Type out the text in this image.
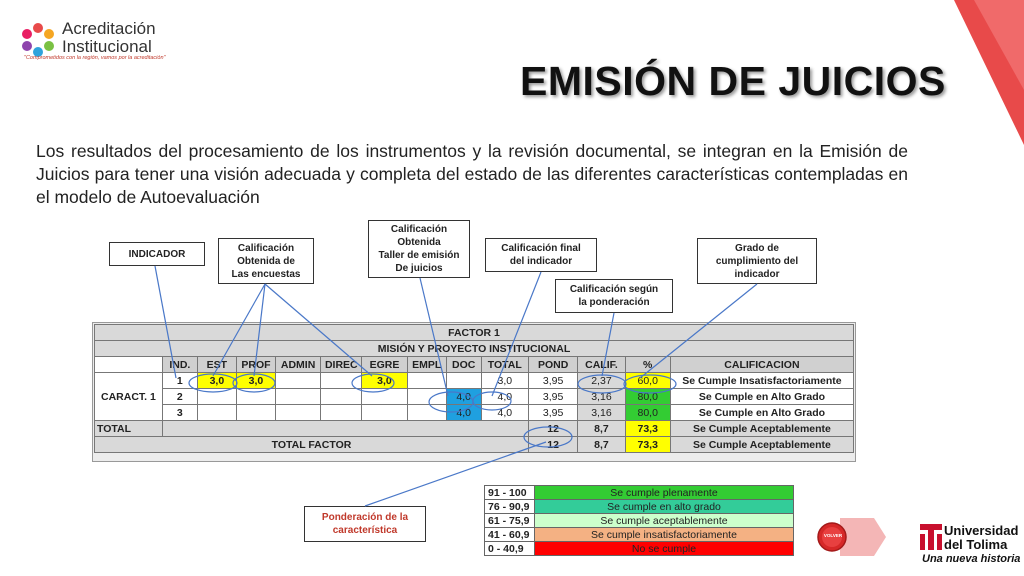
Acreditación
Institucional
"Comprometidos con la región, vamos por la acreditación"	EMISIÓN DE JUICIOS
Los resultados del procesamiento de los instrumentos y la revisión documental, se integran en la Emisión de Juicios para tener una visión adecuada y completa del estado de las diferentes características contempladas en el modelo de Autoevaluación
INDICADOR
Calificación
Obtenida de
Las encuestas
Calificación
Obtenida
Taller de emisión
De juicios
Calificación final
del indicador
Calificación según
la ponderación
Grado de
cumplimiento del
indicador
Ponderación de la
característica
FACTOR 1													
MISIÓN Y PROYECTO INSTITUCIONAL													
	IND.	EST	PROF	ADMIN	DIREC	EGRE	EMPL	DOC	TOTAL	POND	CALIF.	%	CALIFICACION
CARACT. 1	1	3,0	3,0			3,0			3,0	3,95	2,37	60,0	Se Cumple Insatisfactoriamente
	2							4,0	4,0	3,95	3,16	80,0	Se Cumple en Alto Grado
	3							4,0	4,0	3,95	3,16	80,0	Se Cumple en Alto Grado
TOTAL										12	8,7	73,3	Se Cumple Aceptablemente
TOTAL FACTOR										12	8,7	73,3	Se Cumple Aceptablemente
91 - 100	Se cumple plenamente
76 - 90,9	Se cumple en alto grado
61 - 75,9	Se cumple aceptablemente
41 - 60,9	Se cumple insatisfactoriamente
0 - 40,9	No se cumple
VOLVER	Universidad
del Tolima
Una nueva historia
